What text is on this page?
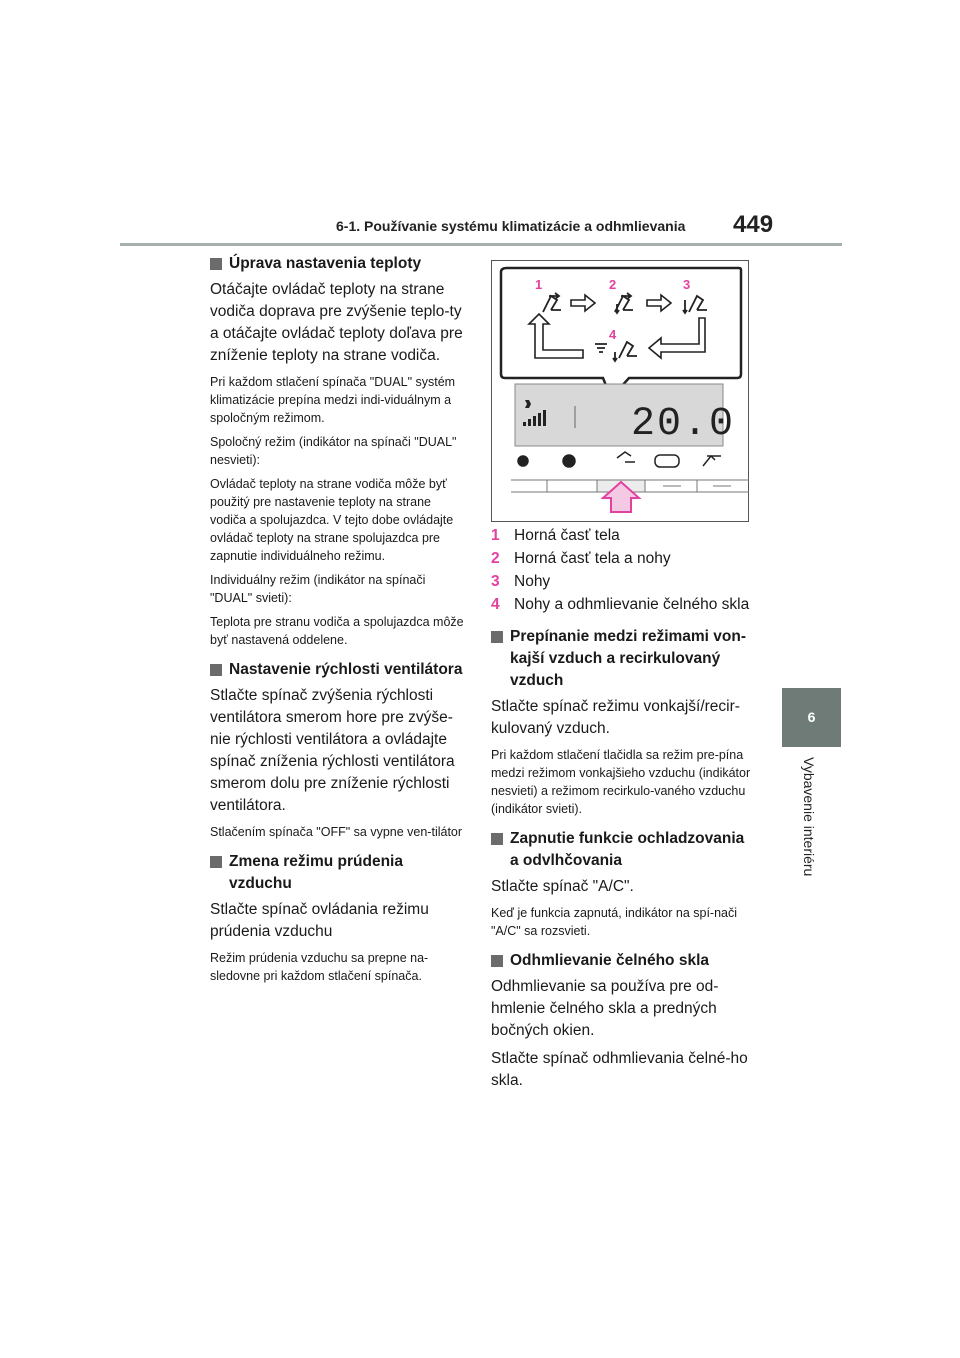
6-1. Používanie systému klimatizácie a odhmlievania 449
6
Vybavenie interiéru
Úprava nastavenia teploty

Otáčajte ovládač teploty na strane vodiča doprava pre zvýšenie teplo-ty a otáčajte ovládač teploty doľava pre zníženie teploty na strane vodiča.

Pri každom stlačení spínača "DUAL" systém klimatizácie prepína medzi indi-viduálnym a spoločným režimom.

Spoločný režim (indikátor na spínači "DUAL" nesvieti):

Ovládač teploty na strane vodiča môže byť použitý pre nastavenie teploty na strane vodiča a spolujazdca. V tejto dobe ovládajte ovládač teploty na strane spolujazdca pre zapnutie individuálneho režimu.

Individuálny režim (indikátor na spínači "DUAL" svieti):

Teplota pre stranu vodiča a spolujazdca môže byť nastavená oddelene.

Nastavenie rýchlosti ventilátora

Stlačte spínač zvýšenia rýchlosti ventilátora smerom hore pre zvýše-nie rýchlosti ventilátora a ovládajte spínač zníženia rýchlosti ventilátora smerom dolu pre zníženie rýchlosti ventilátora.

Stlačením spínača "OFF" sa vypne ven-tilátor

Zmena režimu prúdenia vzduchu

Stlačte spínač ovládania režimu prúdenia vzduchu

Režim prúdenia vzduchu sa prepne na-sledovne pri každom stlačení spínača.

1	2	3
4
20.0
1 Horná časť tela
2 Horná časť tela a nohy
3 Nohy
4 Nohy a odhmlievanie čelného skla
Prepínanie medzi režimami von-kajší vzduch a recirkulovaný vzduch

Stlačte spínač režimu vonkajší/recir-kulovaný vzduch.

Pri každom stlačení tlačidla sa režim pre-pína medzi režimom vonkajšieho vzduchu (indikátor nesvieti) a režimom recirkulo-vaného vzduchu (indikátor svieti).

Zapnutie funkcie ochladzovania a odvlhčovania

Stlačte spínač "A/C".

Keď je funkcia zapnutá, indikátor na spí-nači "A/C" sa rozsvieti.

Odhmlievanie čelného skla

Odhmlievanie sa používa pre od-hmlenie čelného skla a predných bočných okien.

Stlačte spínač odhmlievania čelné-ho skla.
